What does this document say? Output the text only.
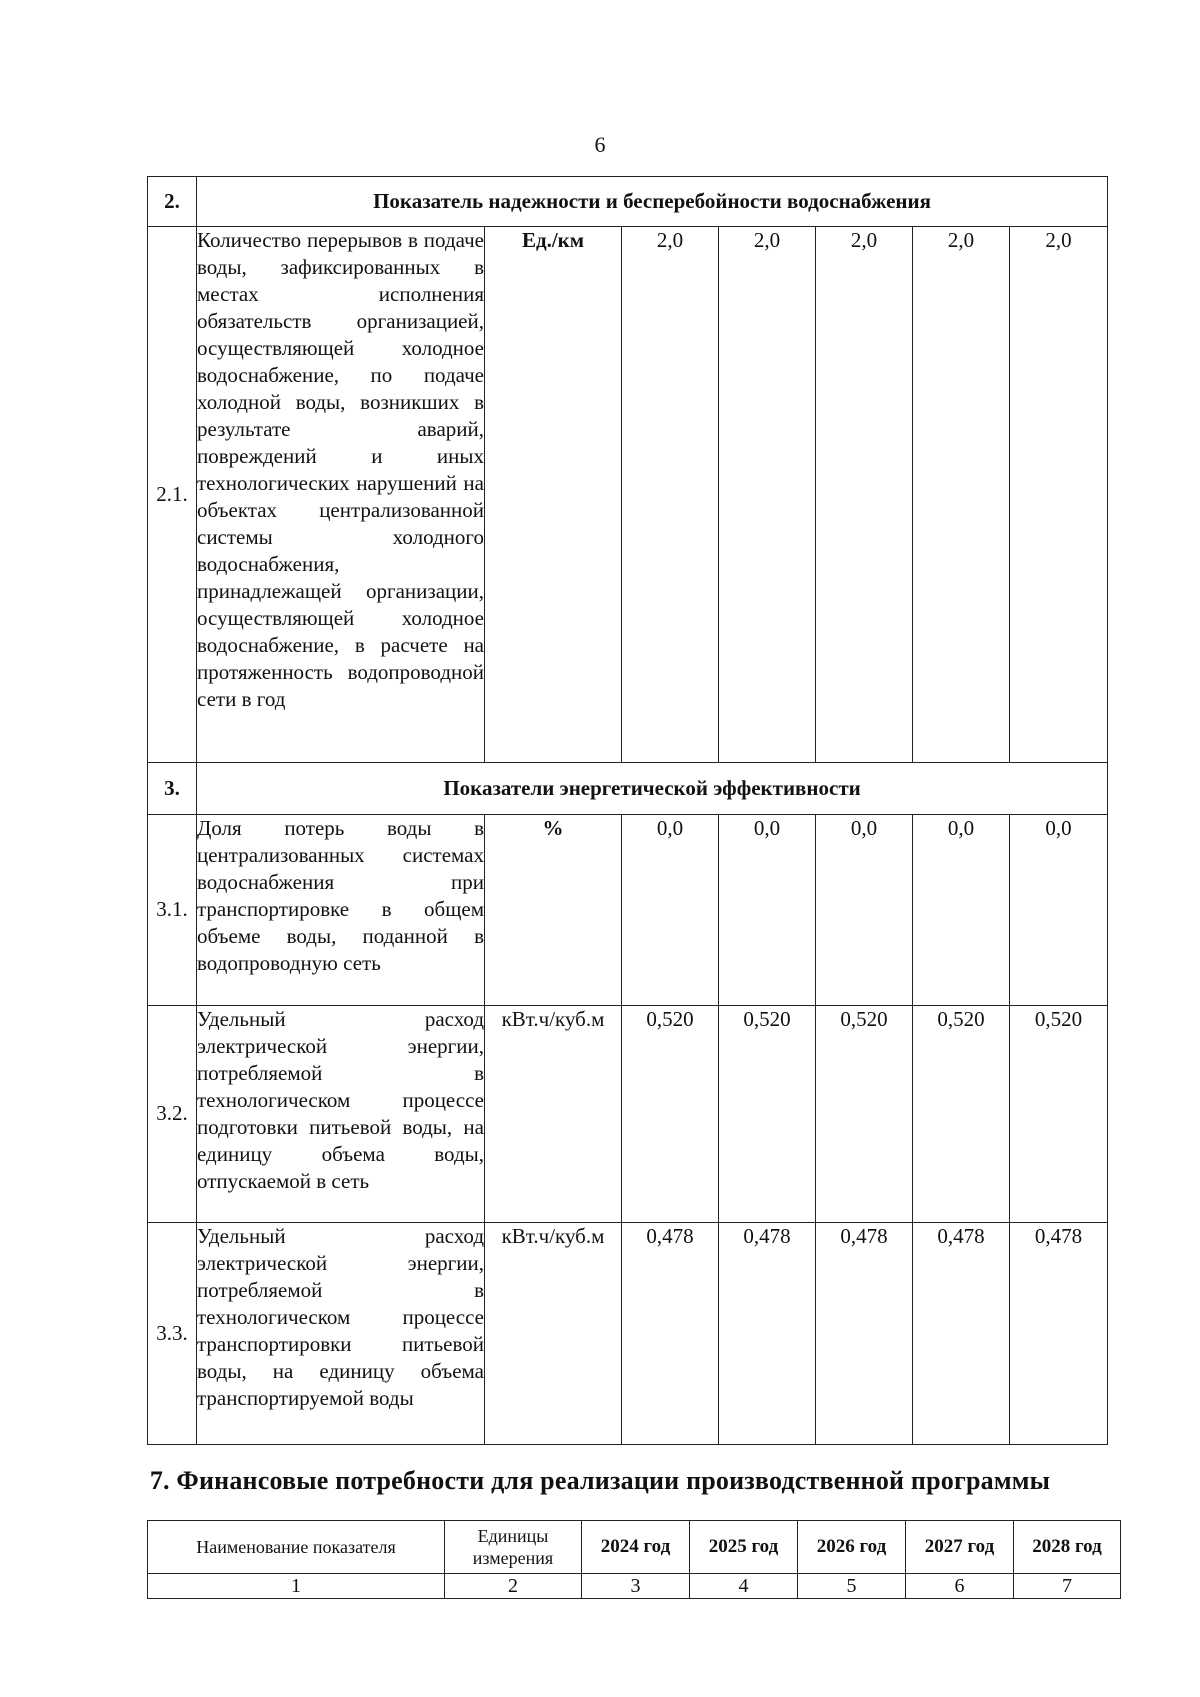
6
2.	Показатель надежности и бесперебойности водоснабжения						
2.1.	Количество перерывов в подаче воды, зафиксированных в местах исполнения обязательств организацией, осуществляющей холодное водоснабжение, по подаче холодной воды, возникших в результате аварий, повреждений и иных технологических нарушений на объектах централизованной системы холодного водоснабжения, принадлежащей организации, осуществляющей холодное водоснабжение, в расчете на протяженность водопроводной сети в год	Ед./км	2,0	2,0	2,0	2,0	2,0
3.	Показатели энергетической эффективности						
3.1.	Доля потерь воды в централизованных системах водоснабжения при транспортировке в общем объеме воды, поданной в водопроводную сеть	%	0,0	0,0	0,0	0,0	0,0
3.2.	Удельный расход электрической энергии, потребляемой в технологическом процессе подготовки питьевой воды, на единицу объема воды, отпускаемой в сеть	кВт.ч/куб.м	0,520	0,520	0,520	0,520	0,520
3.3.	Удельный расход электрической энергии, потребляемой в технологическом процессе транспортировки питьевой воды, на единицу объема транспортируемой воды	кВт.ч/куб.м	0,478	0,478	0,478	0,478	0,478
7. Финансовые потребности для реализации производственной программы
Наименование показателя	Единицы измерения	2024 год	2025 год	2026 год	2027 год	2028 год
1	2	3	4	5	6	7
